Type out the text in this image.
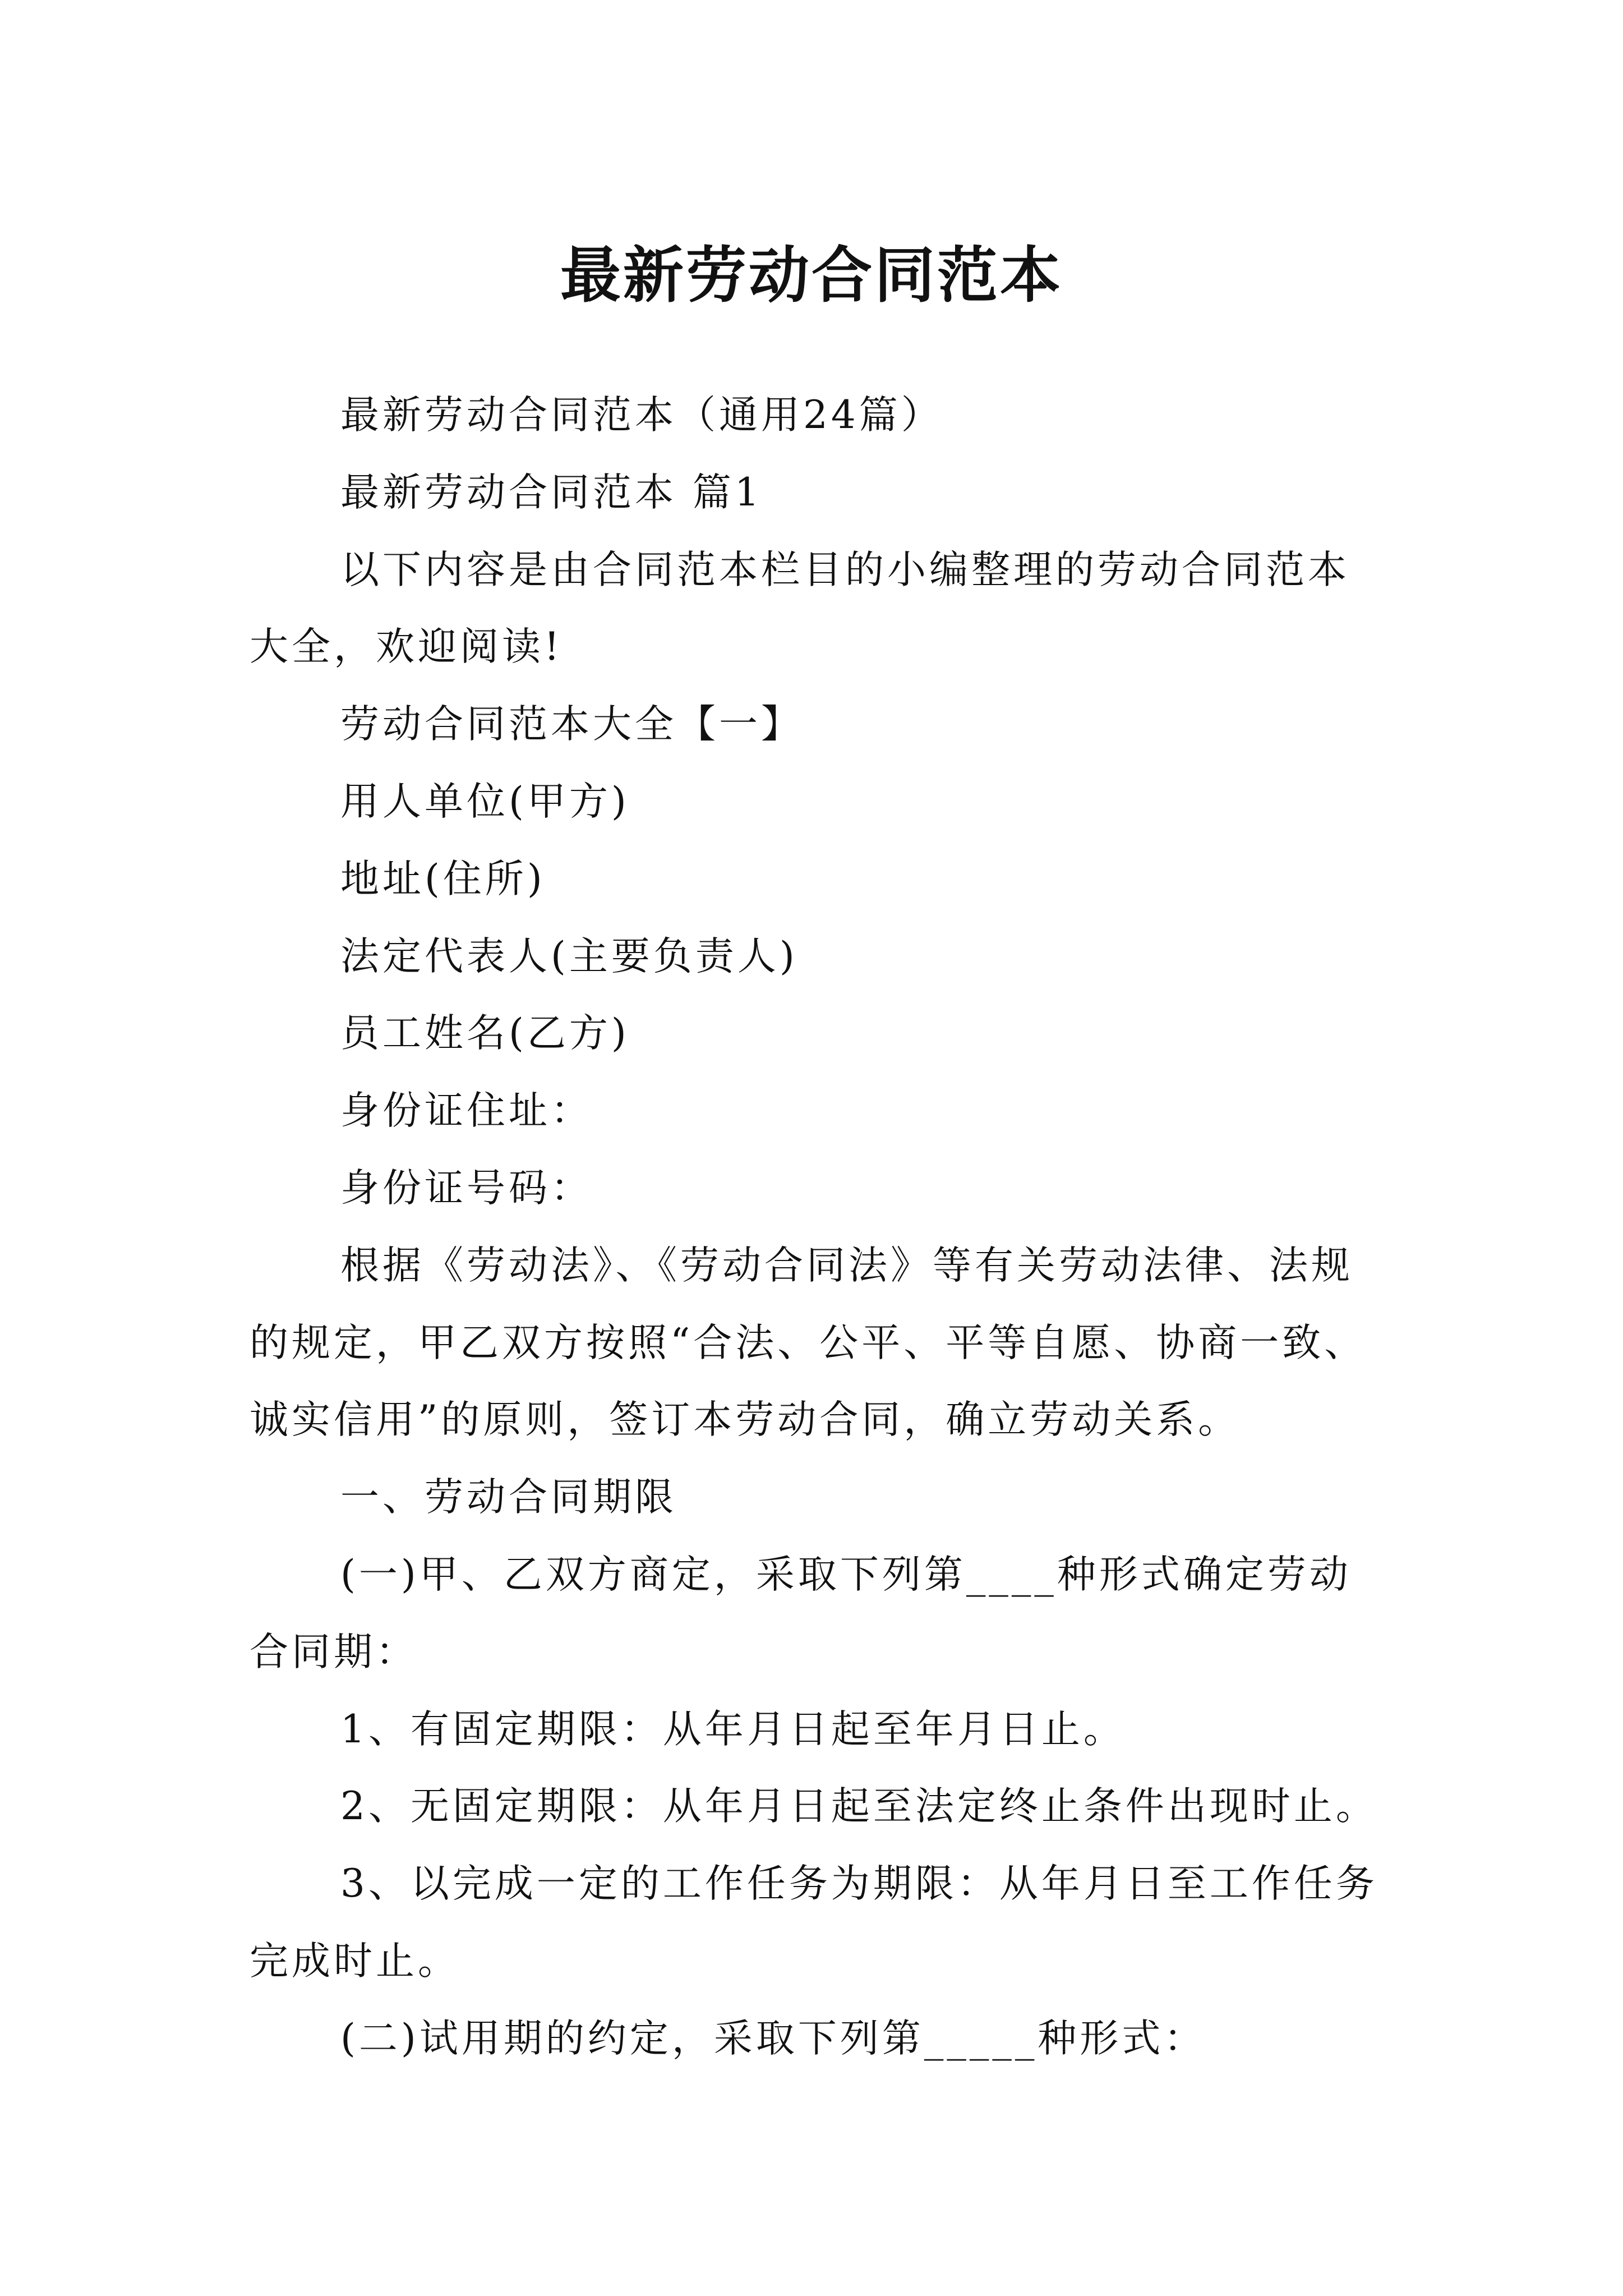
最新劳动合同范本

最新劳动合同范本（通用24篇）

最新劳动合同范本 篇1

以下内容是由合同范本栏目的小编整理的劳动合同范本大全，欢迎阅读!

劳动合同范本大全【一】

用人单位(甲方)

地址(住所)

法定代表人(主要负责人)

员工姓名(乙方)

身份证住址：

身份证号码：

根据《劳动法》、《劳动合同法》等有关劳动法律、法规的规定，甲乙双方按照“合法、公平、平等自愿、协商一致、诚实信用”的原则，签订本劳动合同，确立劳动关系。

一、劳动合同期限

(一)甲、乙双方商定，采取下列第____种形式确定劳动合同期：

1、有固定期限：从年月日起至年月日止。

2、无固定期限：从年月日起至法定终止条件出现时止。

3、以完成一定的工作任务为期限：从年月日至工作任务完成时止。

(二)试用期的约定，采取下列第_____种形式：
